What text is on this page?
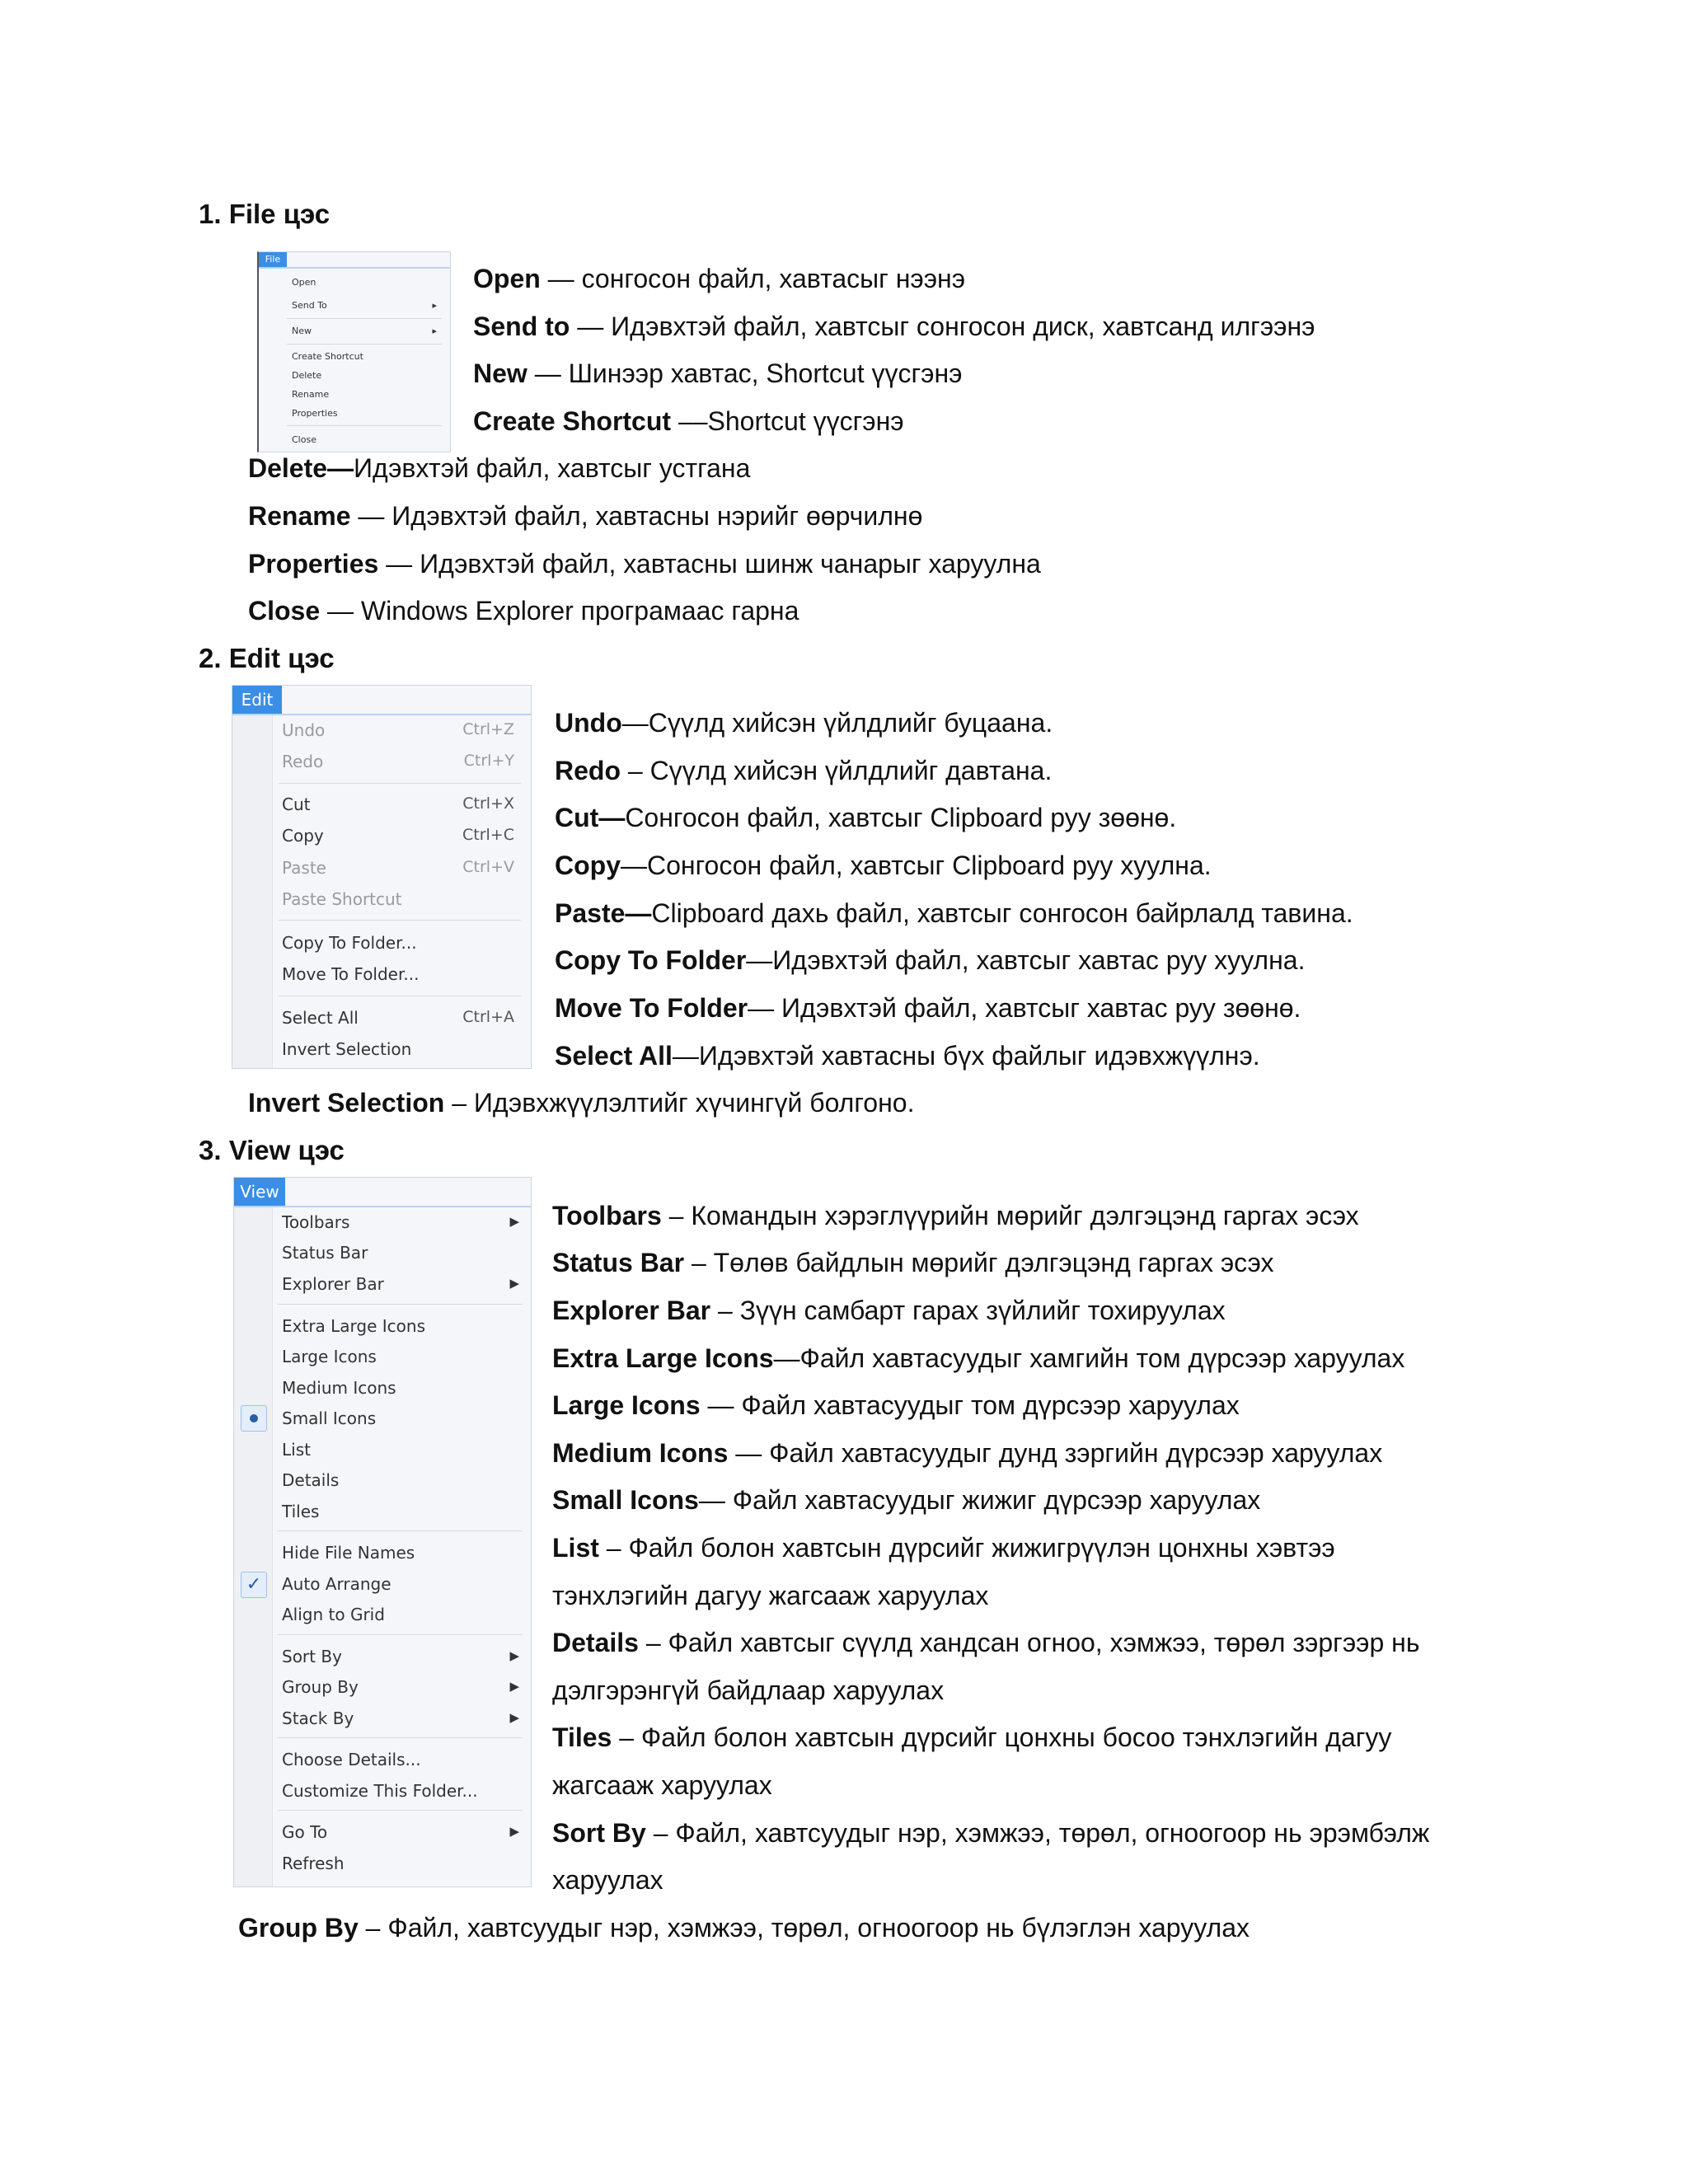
1. File цэс
File
Open
Send To	▸
New	▸
Create Shortcut
Delete
Rename
Properties
Close
Open — сонгосон файл, хавтасыг нээнэ
Send to — Идэвхтэй файл, хавтсыг сонгосон диск, хавтсанд илгээнэ
New — Шинээр хавтас, Shortcut үүсгэнэ
Create Shortcut ––Shortcut үүсгэнэ
Delete—Идэвхтэй файл, хавтсыг устгана
Rename — Идэвхтэй файл, хавтасны нэрийг өөрчилнө
Properties — Идэвхтэй файл, хавтасны шинж чанарыг харуулна
Close — Windows Explorer програмаас гарна
2. Edit цэс
Edit
Undo	Ctrl+Z
Redo	Ctrl+Y
Cut	Ctrl+X
Copy	Ctrl+C
Paste	Ctrl+V
Paste Shortcut
Copy To Folder...
Move To Folder...
Select All	Ctrl+A
Invert Selection
Undo—Сүүлд хийсэн үйлдлийг буцаана.
Redo – Сүүлд хийсэн үйлдлийг давтана.
Cut—Сонгосон файл, хавтсыг Clipboard руу зөөнө.
Copy—Сонгосон файл, хавтсыг Clipboard руу хуулна.
Paste—Clipboard дахь файл, хавтсыг сонгосон байрлалд тавина.
Copy To Folder—Идэвхтэй файл, хавтсыг хавтас руу хуулна.
Move To Folder— Идэвхтэй файл, хавтсыг хавтас руу зөөнө.
Select All—Идэвхтэй хавтасны бүх файлыг идэвхжүүлнэ.
Invert Selection – Идэвхжүүлэлтийг хүчингүй болгоно.
3. View цэс
View
Toolbars	▶
Status Bar
Explorer Bar	▶
Extra Large Icons
Large Icons
Medium Icons
Small Icons
List
Details
Tiles
Hide File Names
✓	Auto Arrange
Align to Grid
Sort By	▶
Group By	▶
Stack By	▶
Choose Details...
Customize This Folder...
Go To	▶
Refresh
Toolbars – Командын хэрэглүүрийн мөрийг дэлгэцэнд гаргах эсэх
Status Bar – Төлөв байдлын мөрийг дэлгэцэнд гаргах эсэх
Explorer Bar – Зүүн самбарт гарах зүйлийг тохируулах
Extra Large Icons—Файл хавтасуудыг хамгийн том дүрсээр харуулах
Large Icons — Файл хавтасуудыг том дүрсээр харуулах
Medium Icons — Файл хавтасуудыг дунд зэргийн дүрсээр харуулах
Small Icons— Файл хавтасуудыг жижиг дүрсээр харуулах
List – Файл болон хавтсын дүрсийг жижигрүүлэн цонхны хэвтээ
тэнхлэгийн дагуу жагсааж харуулах
Details – Файл хавтсыг сүүлд хандсан огноо, хэмжээ, төрөл зэргээр нь
дэлгэрэнгүй байдлаар харуулах
Tiles – Файл болон хавтсын дүрсийг цонхны босоо тэнхлэгийн дагуу
жагсааж харуулах
Sort By – Файл, хавтсуудыг нэр, хэмжээ, төрөл, огноогоор нь эрэмбэлж
харуулах
Group By – Файл, хавтсуудыг нэр, хэмжээ, төрөл, огноогоор нь бүлэглэн харуулах
